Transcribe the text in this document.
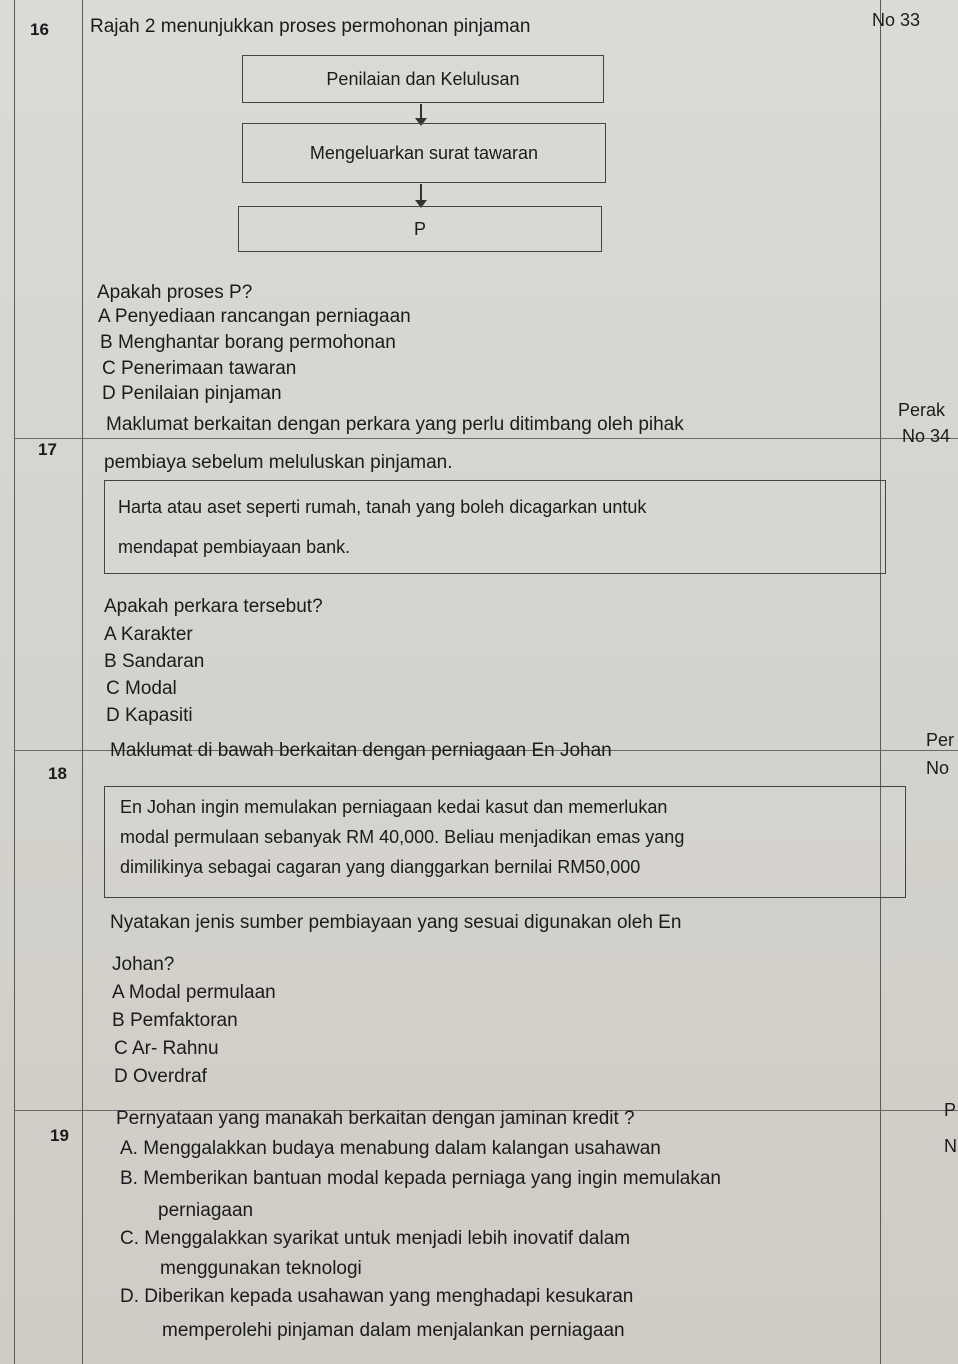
16 Rajah 2 menunjukkan proses permohonan pinjaman	No 33
Penilaian dan Kelulusan
Mengeluarkan surat tawaran
P
Apakah proses P?
A Penyediaan rancangan perniagaan
B Menghantar borang permohonan
C Penerimaan tawaran
D Penilaian pinjaman
17
Maklumat berkaitan dengan perkara yang perlu ditimbang oleh pihak
pembiaya sebelum meluluskan pinjaman.
Perak
No 34
Harta atau aset seperti rumah, tanah yang boleh dicagarkan untuk
mendapat pembiayaan bank.
Apakah perkara tersebut?
A Karakter
B Sandaran
C Modal
D Kapasiti
18
Maklumat di bawah berkaitan dengan perniagaan En Johan	Per
No
En Johan ingin memulakan perniagaan kedai kasut dan memerlukan
modal permulaan sebanyak RM 40,000. Beliau menjadikan emas yang
dimilikinya sebagai cagaran yang dianggarkan bernilai RM50,000
Nyatakan jenis sumber pembiayaan yang sesuai digunakan oleh En
Johan?
A Modal permulaan
B Pemfaktoran
C Ar- Rahnu
D Overdraf
19
Pernyataan yang manakah berkaitan dengan jaminan kredit ?	P
N
A. Menggalakkan budaya menabung dalam kalangan usahawan
B. Memberikan bantuan modal kepada perniaga yang ingin memulakan
perniagaan
C. Menggalakkan syarikat untuk menjadi lebih inovatif dalam
menggunakan teknologi
D. Diberikan kepada usahawan yang menghadapi kesukaran
memperolehi pinjaman dalam menjalankan perniagaan
